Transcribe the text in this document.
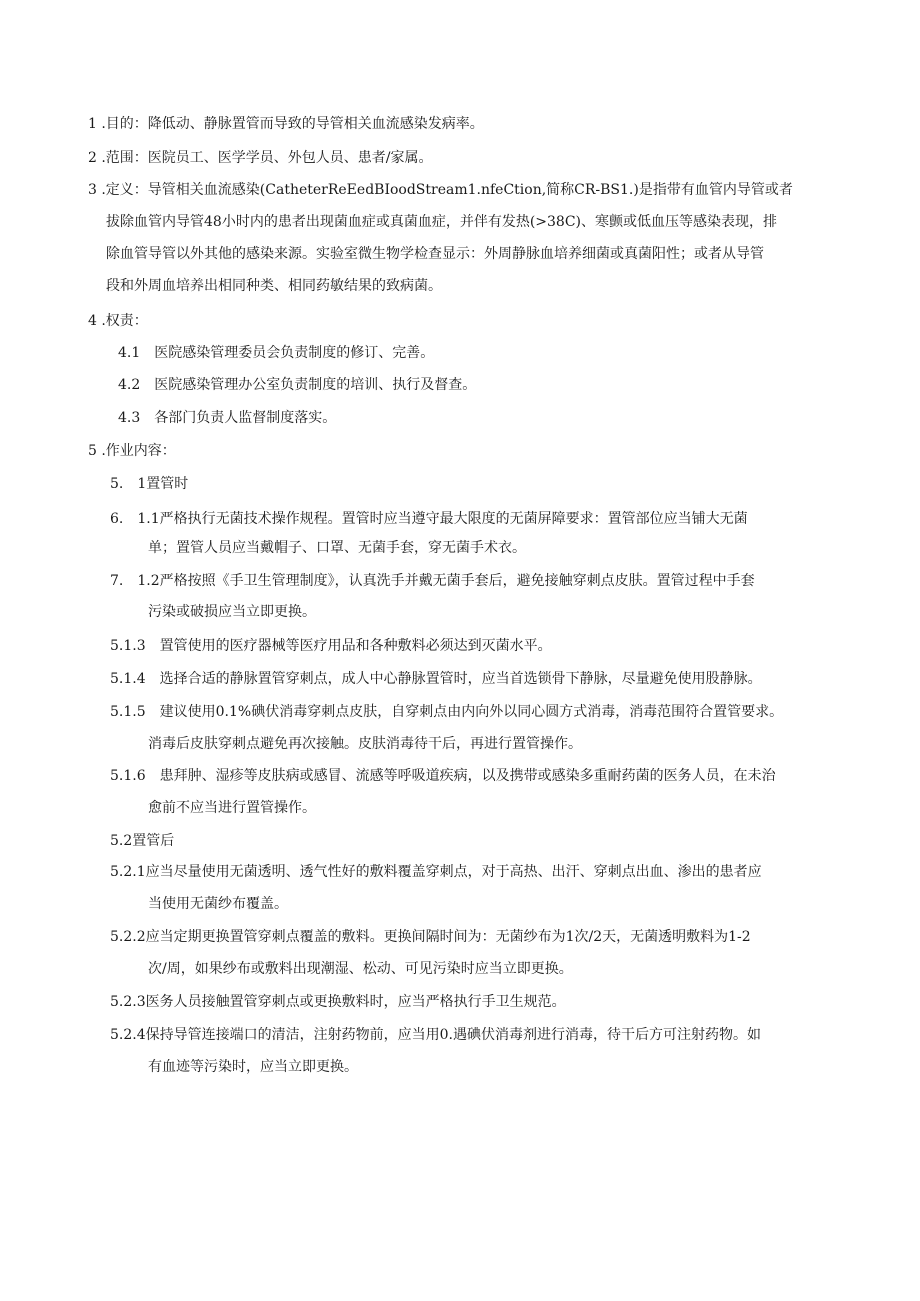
1 .目的：降低动、静脉置管而导致的导管相关血流感染发病率。
2 .范围：医院员工、医学学员、外包人员、患者/家属。
3 .定义：导管相关血流感染(CatheterReEedBIoodStream1.nfeCtion,简称CR-BS1.)是指带有血管内导管或者
拔除血管内导管48小时内的患者出现菌血症或真菌血症，并伴有发热(>38C)、寒颤或低血压等感染表现，排
除血管导管以外其他的感染来源。实验室微生物学检查显示：外周静脉血培养细菌或真菌阳性；或者从导管
段和外周血培养出相同种类、相同药敏结果的致病菌。
4 .权责：
4.1　医院感染管理委员会负责制度的修订、完善。
4.2　医院感染管理办公室负责制度的培训、执行及督查。
4.3　各部门负责人监督制度落实。
5 .作业内容：
5.　1置管时
6.　1.1严格执行无菌技术操作规程。置管时应当遵守最大限度的无菌屏障要求：置管部位应当铺大无菌
单；置管人员应当戴帽子、口罩、无菌手套，穿无菌手术衣。
7.　1.2严格按照《手卫生管理制度》，认真洗手并戴无菌手套后，避免接触穿刺点皮肤。置管过程中手套
污染或破损应当立即更换。
5.1.3　置管使用的医疗器械等医疗用品和各种敷料必须达到灭菌水平。
5.1.4　选择合适的静脉置管穿刺点，成人中心静脉置管时，应当首选锁骨下静脉，尽量避免使用股静脉。
5.1.5　建议使用0.1%碘伏消毒穿刺点皮肤，自穿刺点由内向外以同心圆方式消毒，消毒范围符合置管要求。
消毒后皮肤穿刺点避免再次接触。皮肤消毒待干后，再进行置管操作。
5.1.6　患拜肿、湿疹等皮肤病或感冒、流感等呼吸道疾病，以及携带或感染多重耐药菌的医务人员，在未治
愈前不应当进行置管操作。
5.2置管后
5.2.1应当尽量使用无菌透明、透气性好的敷料覆盖穿刺点，对于高热、出汗、穿刺点出血、渗出的患者应
当使用无菌纱布覆盖。
5.2.2应当定期更换置管穿刺点覆盖的敷料。更换间隔时间为：无菌纱布为1次/2天，无菌透明敷料为1-2
次/周，如果纱布或敷料出现潮湿、松动、可见污染时应当立即更换。
5.2.3医务人员接触置管穿刺点或更换敷料时，应当严格执行手卫生规范。
5.2.4保持导管连接端口的清洁，注射药物前，应当用0.遇碘伏消毒剂进行消毒，待干后方可注射药物。如
有血迹等污染时，应当立即更换。
